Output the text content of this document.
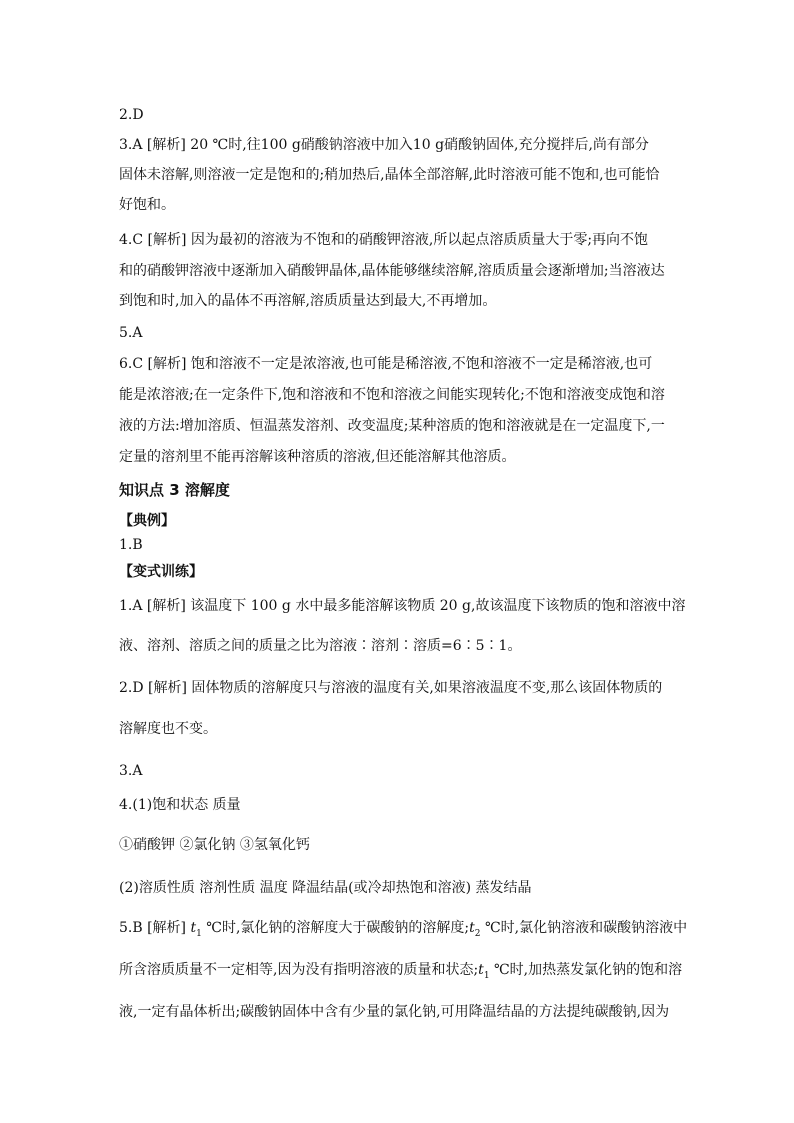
2.D
3.A [解析] 20 ℃时,往100 g硝酸钠溶液中加入10 g硝酸钠固体,充分搅拌后,尚有部分
固体未溶解,则溶液一定是饱和的;稍加热后,晶体全部溶解,此时溶液可能不饱和,也可能恰
好饱和。
4.C [解析] 因为最初的溶液为不饱和的硝酸钾溶液,所以起点溶质质量大于零;再向不饱
和的硝酸钾溶液中逐渐加入硝酸钾晶体,晶体能够继续溶解,溶质质量会逐渐增加;当溶液达
到饱和时,加入的晶体不再溶解,溶质质量达到最大,不再增加。
5.A
6.C [解析] 饱和溶液不一定是浓溶液,也可能是稀溶液,不饱和溶液不一定是稀溶液,也可
能是浓溶液;在一定条件下,饱和溶液和不饱和溶液之间能实现转化;不饱和溶液变成饱和溶
液的方法:增加溶质、恒温蒸发溶剂、改变温度;某种溶质的饱和溶液就是在一定温度下,一
定量的溶剂里不能再溶解该种溶质的溶液,但还能溶解其他溶质。
知识点 3 溶解度
【典例】
1.B
【变式训练】
1.A [解析] 该温度下 100 g 水中最多能溶解该物质 20 g,故该温度下该物质的饱和溶液中溶
液、溶剂、溶质之间的质量之比为溶液∶溶剂∶溶质=6∶5∶1。
2.D [解析] 固体物质的溶解度只与溶液的温度有关,如果溶液温度不变,那么该固体物质的
溶解度也不变。
3.A
4.(1)饱和状态 质量
①硝酸钾 ②氯化钠 ③氢氧化钙
(2)溶质性质 溶剂性质 温度 降温结晶(或冷却热饱和溶液) 蒸发结晶
5.B [解析] $t_1$ ℃时,氯化钠的溶解度大于碳酸钠的溶解度$;t_2$ ℃时,氯化钠溶液和碳酸钠溶液中
所含溶质质量不一定相等,因为没有指明溶液的质量和状态$;t_1$ ℃时,加热蒸发氯化钠的饱和溶
液,一定有晶体析出;碳酸钠固体中含有少量的氯化钠,可用降温结晶的方法提纯碳酸钠,因为
